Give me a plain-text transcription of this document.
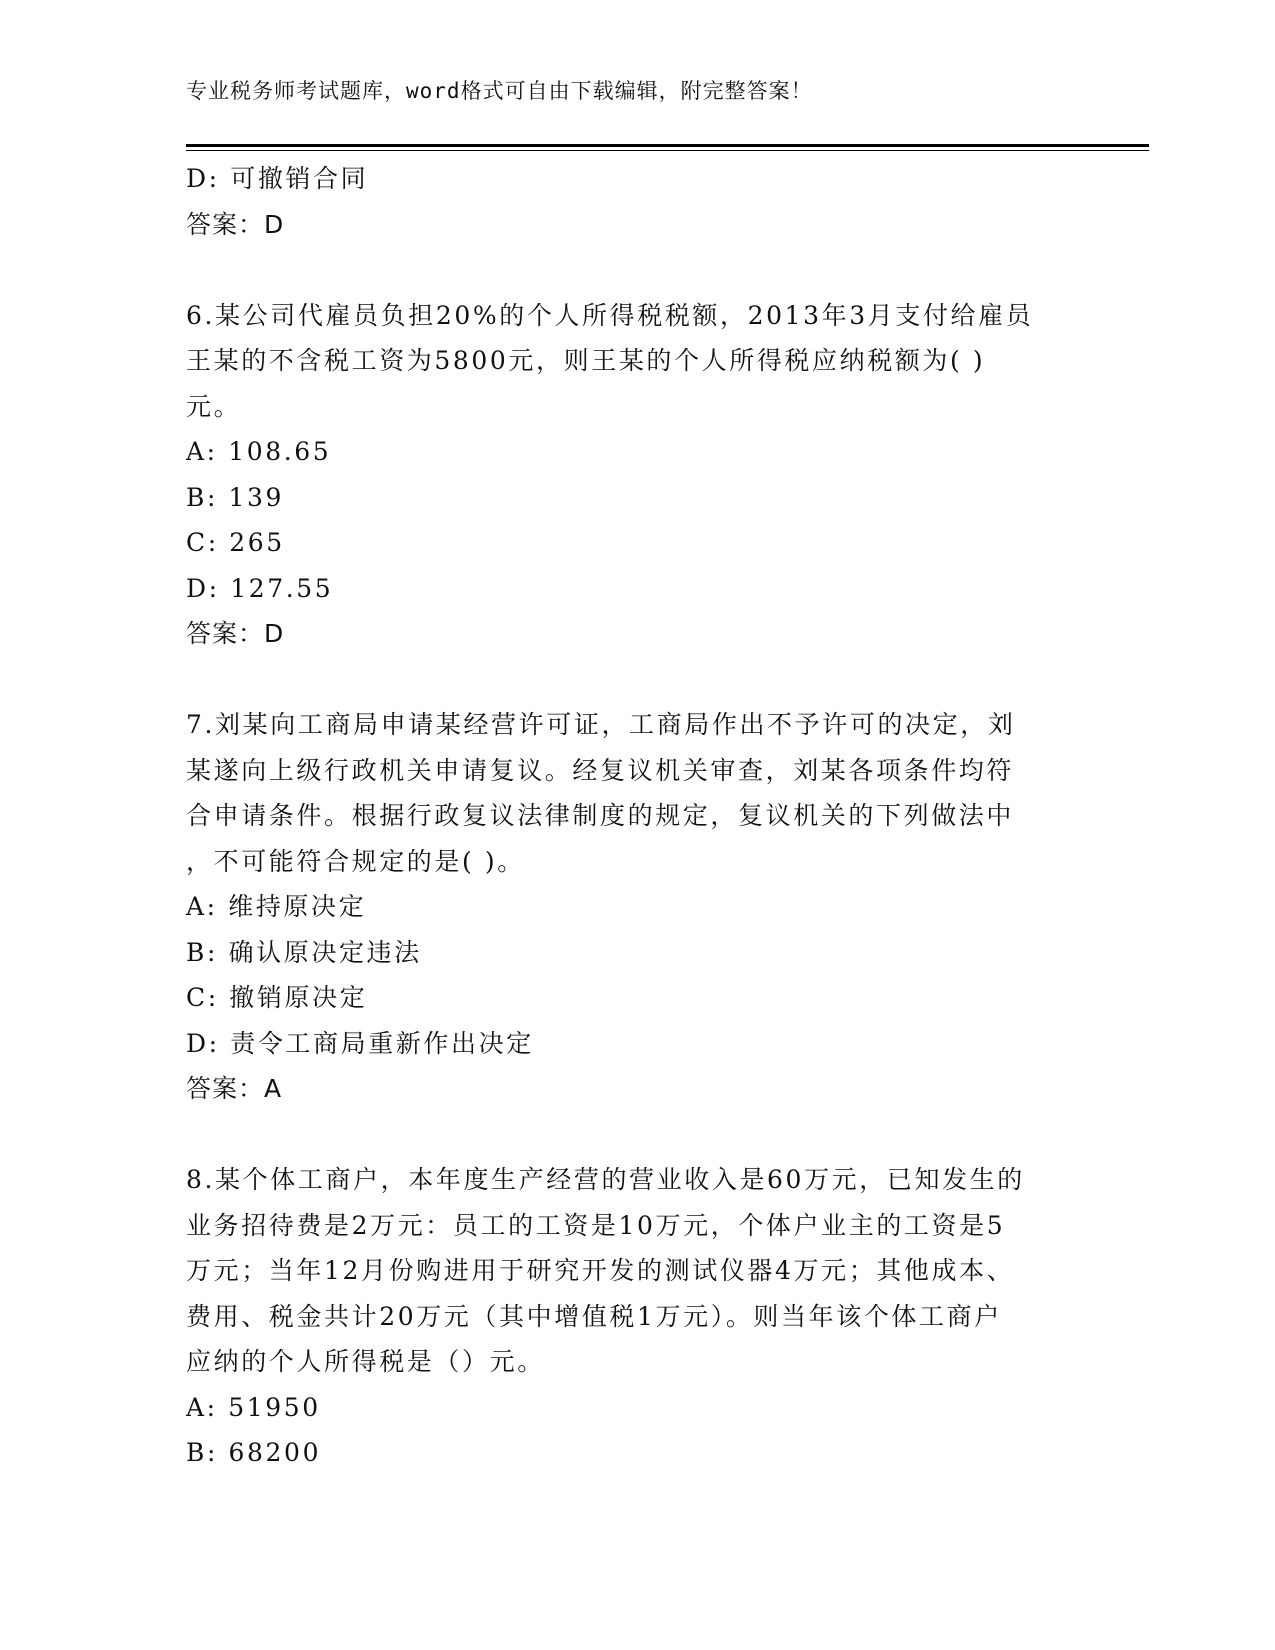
专业税务师考试题库，word格式可自由下载编辑，附完整答案！
D: 可撤销合同
答案：D
6.某公司代雇员负担20%的个人所得税税额，2013年3月支付给雇员
王某的不含税工资为5800元，则王某的个人所得税应纳税额为( )
元。
A: 108.65
B: 139
C: 265
D: 127.55
答案：D
7.刘某向工商局申请某经营许可证，工商局作出不予许可的决定，刘
某遂向上级行政机关申请复议。经复议机关审查，刘某各项条件均符
合申请条件。根据行政复议法律制度的规定，复议机关的下列做法中
，不可能符合规定的是( )。
A: 维持原决定
B: 确认原决定违法
C: 撤销原决定
D: 责令工商局重新作出决定
答案：A
8.某个体工商户，本年度生产经营的营业收入是60万元，已知发生的
业务招待费是2万元：员工的工资是10万元，个体户业主的工资是5
万元；当年12月份购进用于研究开发的测试仪器4万元；其他成本、
费用、税金共计20万元（其中增值税1万元）。则当年该个体工商户
应纳的个人所得税是（）元。
A: 51950
B: 68200
